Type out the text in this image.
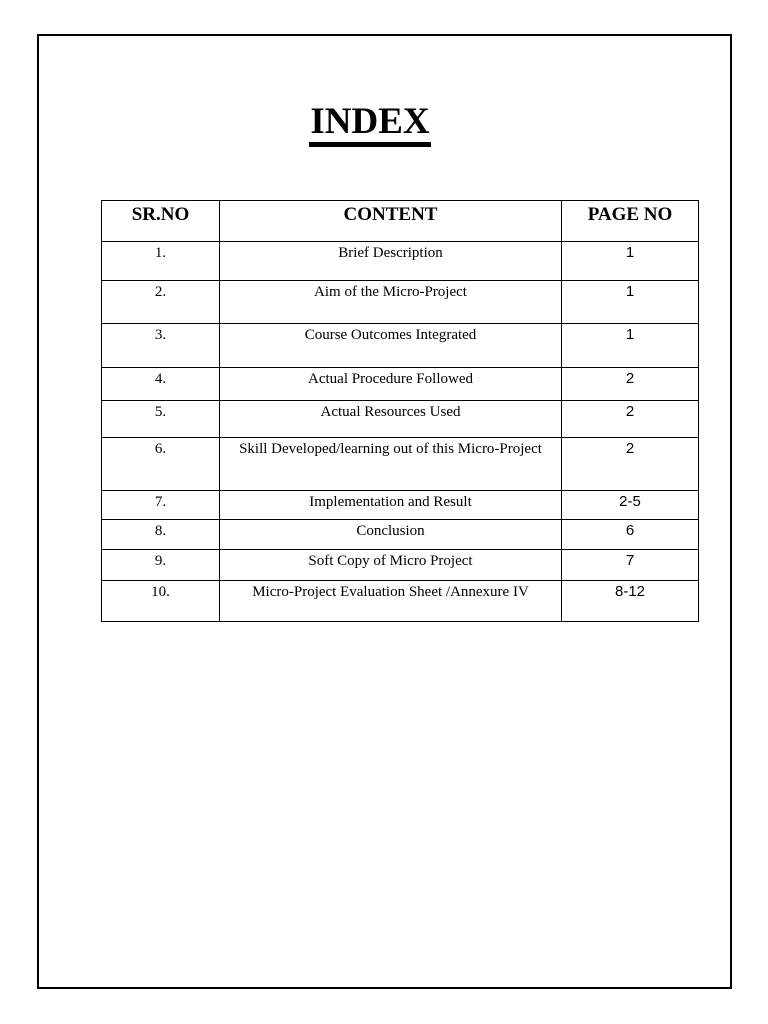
INDEX
SR.NO	CONTENT	PAGE NO
1.	Brief Description	1
2.	Aim of the Micro-Project	1
3.	Course Outcomes Integrated	1
4.	Actual Procedure Followed	2
5.	Actual Resources Used	2
6.	Skill Developed/learning out of this Micro-Project	2
7.	Implementation and Result	2-5
8.	Conclusion	6
9.	Soft Copy of Micro Project	7
10.	Micro-Project Evaluation Sheet /Annexure IV	8-12
